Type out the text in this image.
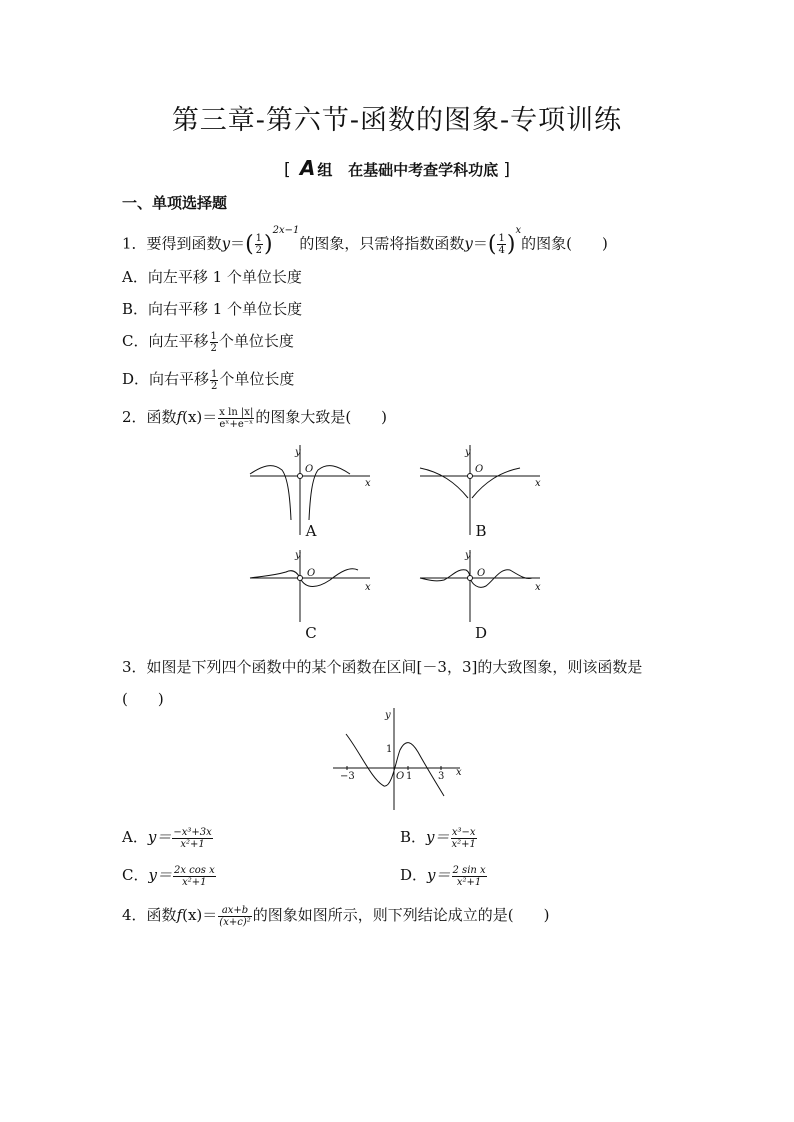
第三章-第六节-函数的图象-专项训练
[ A 组 在基础中考查学科功底 ]
一、单项选择题
1．要得到函数$y=( \frac{1}{2} )^{2x-1}$的图象，只需将指数函数$y=( \frac{1}{4} )^x$的图象(　　)
A．向左平移 1 个单位长度
B．向右平移 1 个单位长度
C．向左平移 $\frac{1}{2}$ 个单位长度
D．向右平移 $\frac{1}{2}$ 个单位长度
2．函数$f(x)= \frac{\text{x ln |x|}}{\text{eˣ+e⁻ˣ}}$ 的图象大致是(　　)
y
O
x
y
O
x
y
O
x
y
O
x
y
x
O
1
1
−3	3
A	B
C	D
3．如图是下列四个函数中的某个函数在区间[－3，3]的大致图象，则该函数是
(　　)
A．$y= \frac{\text{−x³+3x}}{\text{x²+1}}$	B．$y= \frac{\text{x³−x}}{\text{x²+1}}$
C．$y= \frac{\text{2x cos x}}{\text{x²+1}}$	D．$y= \frac{\text{2 sin x}}{\text{x²+1}}$
4．函数$f(x)= \frac{ax+b}{\text{(x+c)²}}$ 的图象如图所示，则下列结论成立的是(　　)
